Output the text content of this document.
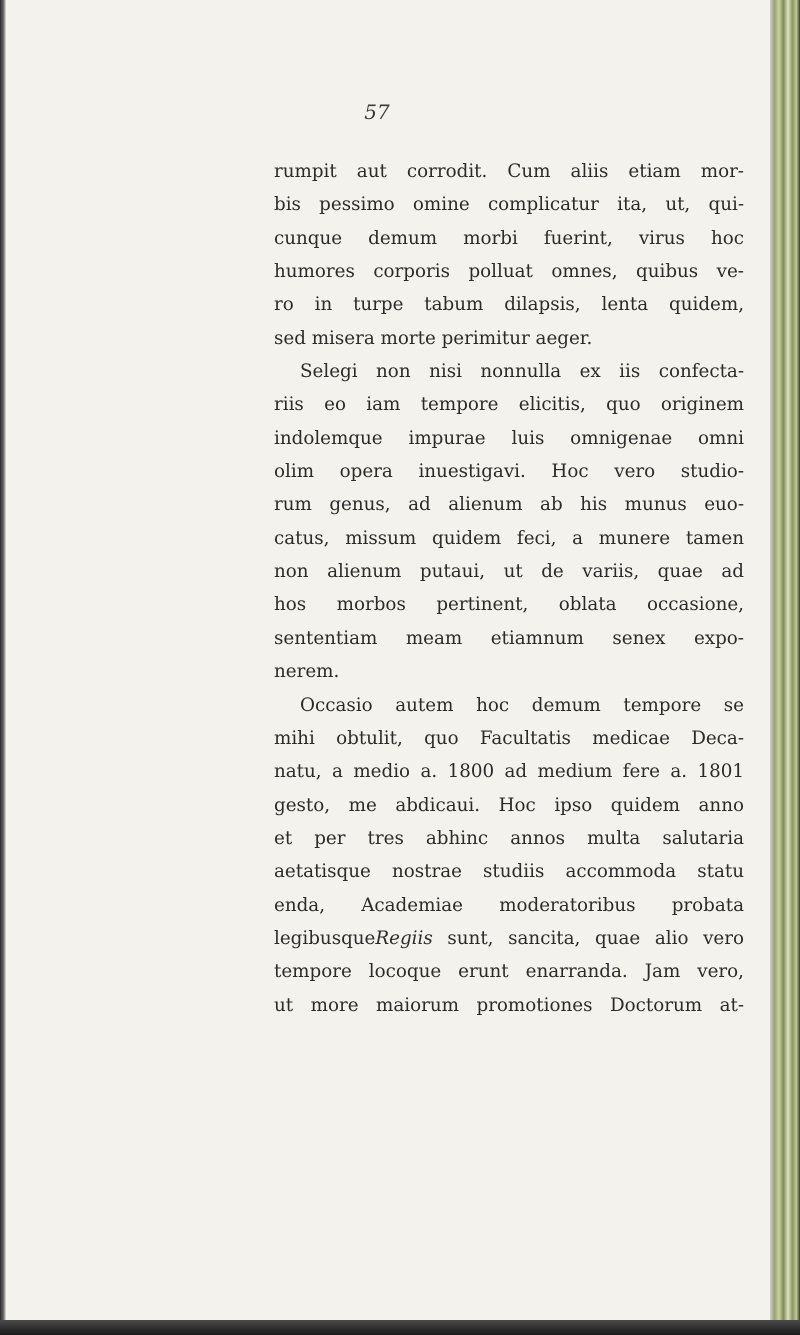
57
rumpit aut corrodit. Cum aliis etiam mor-
bis pessimo omine complicatur ita, ut, qui-
cunque demum morbi fuerint, virus hoc
humores corporis polluat omnes, quibus ve-
ro in turpe tabum dilapsis, lenta quidem,
sed misera morte perimitur aeger.
Selegi non nisi nonnulla ex iis confecta-
riis eo iam tempore elicitis, quo originem
indolemque impurae luis omnigenae omni
olim opera inuestigavi. Hoc vero studio-
rum genus, ad alienum ab his munus euo-
catus, missum quidem feci, a munere tamen
non alienum putaui, ut de variis, quae ad
hos morbos pertinent, oblata occasione,
sententiam meam etiamnum senex expo-
nerem.
Occasio autem hoc demum tempore se
mihi obtulit, quo Facultatis medicae Deca-
natu, a medio a. 1800 ad medium fere a. 1801
gesto, me abdicaui. Hoc ipso quidem anno
et per tres abhinc annos multa salutaria
aetatisque nostrae studiis accommoda statu
enda, Academiae moderatoribus probata
legibusqueRegiis sunt, sancita, quae alio vero
tempore locoque erunt enarranda. Jam vero,
ut more maiorum promotiones Doctorum at-
